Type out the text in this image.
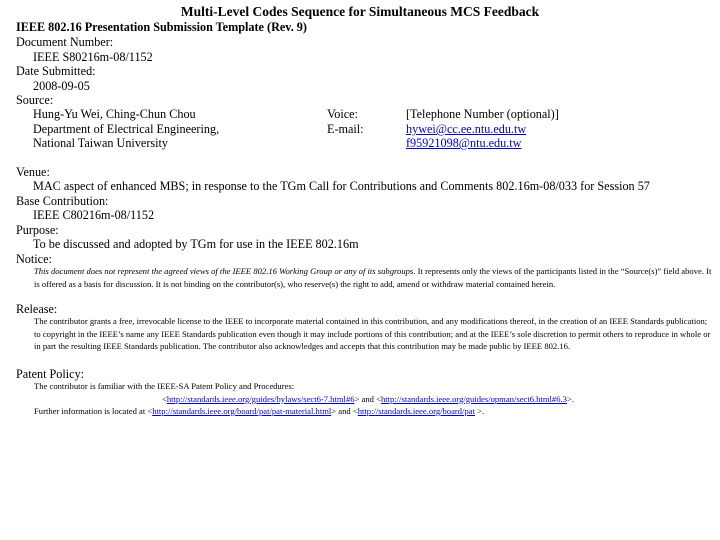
Multi-Level Codes Sequence for Simultaneous MCS Feedback
IEEE 802.16 Presentation Submission Template (Rev. 9)
Document Number:
IEEE S80216m-08/1152
Date Submitted:
2008-09-05
Source:
Hung-Yu Wei, Ching-Chun Chou
Department of Electrical Engineering,
National Taiwan University
Voice:
E-mail:
[Telephone Number (optional)]
hywei@cc.ee.ntu.edu.tw
f95921098@ntu.edu.tw
Venue:
MAC aspect of enhanced MBS; in response to the TGm Call for Contributions and Comments 802.16m-08/033 for Session 57
Base Contribution:
IEEE C80216m-08/1152
Purpose:
To be discussed and adopted by TGm for use in the IEEE 802.16m
Notice:
This document does not represent the agreed views of the IEEE 802.16 Working Group or any of its subgroups. It represents only the views of the participants listed in the “Source(s)” field above. It is offered as a basis for discussion. It is not binding on the contributor(s), who reserve(s) the right to add, amend or withdraw material contained herein.
Release:
The contributor grants a free, irrevocable license to the IEEE to incorporate material contained in this contribution, and any modifications thereof, in the creation of an IEEE Standards publication; to copyright in the IEEE’s name any IEEE Standards publication even though it may include portions of this contribution; and at the IEEE’s sole discretion to permit others to reproduce in whole or in part the resulting IEEE Standards publication. The contributor also acknowledges and accepts that this contribution may be made public by IEEE 802.16.
Patent Policy:
The contributor is familiar with the IEEE-SA Patent Policy and Procedures:
<http://standards.ieee.org/guides/bylaws/sect6-7.html#6> and <http://standards.ieee.org/guides/opman/sect6.html#6.3>.
Further information is located at <http://standards.ieee.org/board/pat/pat-material.html> and <http://standards.ieee.org/board/pat >.
